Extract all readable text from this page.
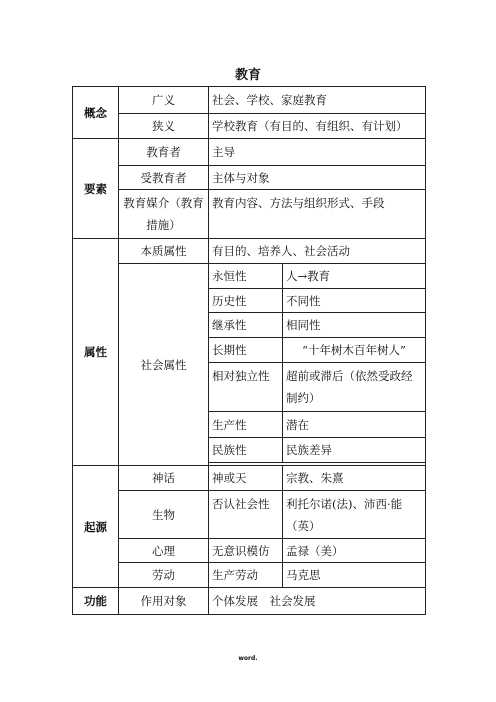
教育
概念	广义	社会、学校、家庭教育	
	狭义	学校教育（有目的、有组织、有计划）	
要素	教育者	主导	
	受教育者	主体与对象	
	教育媒介（教育措施）	教育内容、方法与组织形式、手段	
属性	本质属性	有目的、培养人、社会活动	
	社会属性	永恒性	人→教育
		历史性	不同性
		继承性	相同性
		长期性	“十年树木百年树人”
		相对独立性	超前或滞后（依然受政经制约）
		生产性	潜在
		民族性	民族差异

起源	神话	神或天	宗教、朱熹
	生物	否认社会性	利托尔诺(法)、沛西·能（英）
	心理	无意识模仿	孟禄（美）
	劳动	生产劳动	马克思
功能	作用对象	个体发展　社会发展	
word.
